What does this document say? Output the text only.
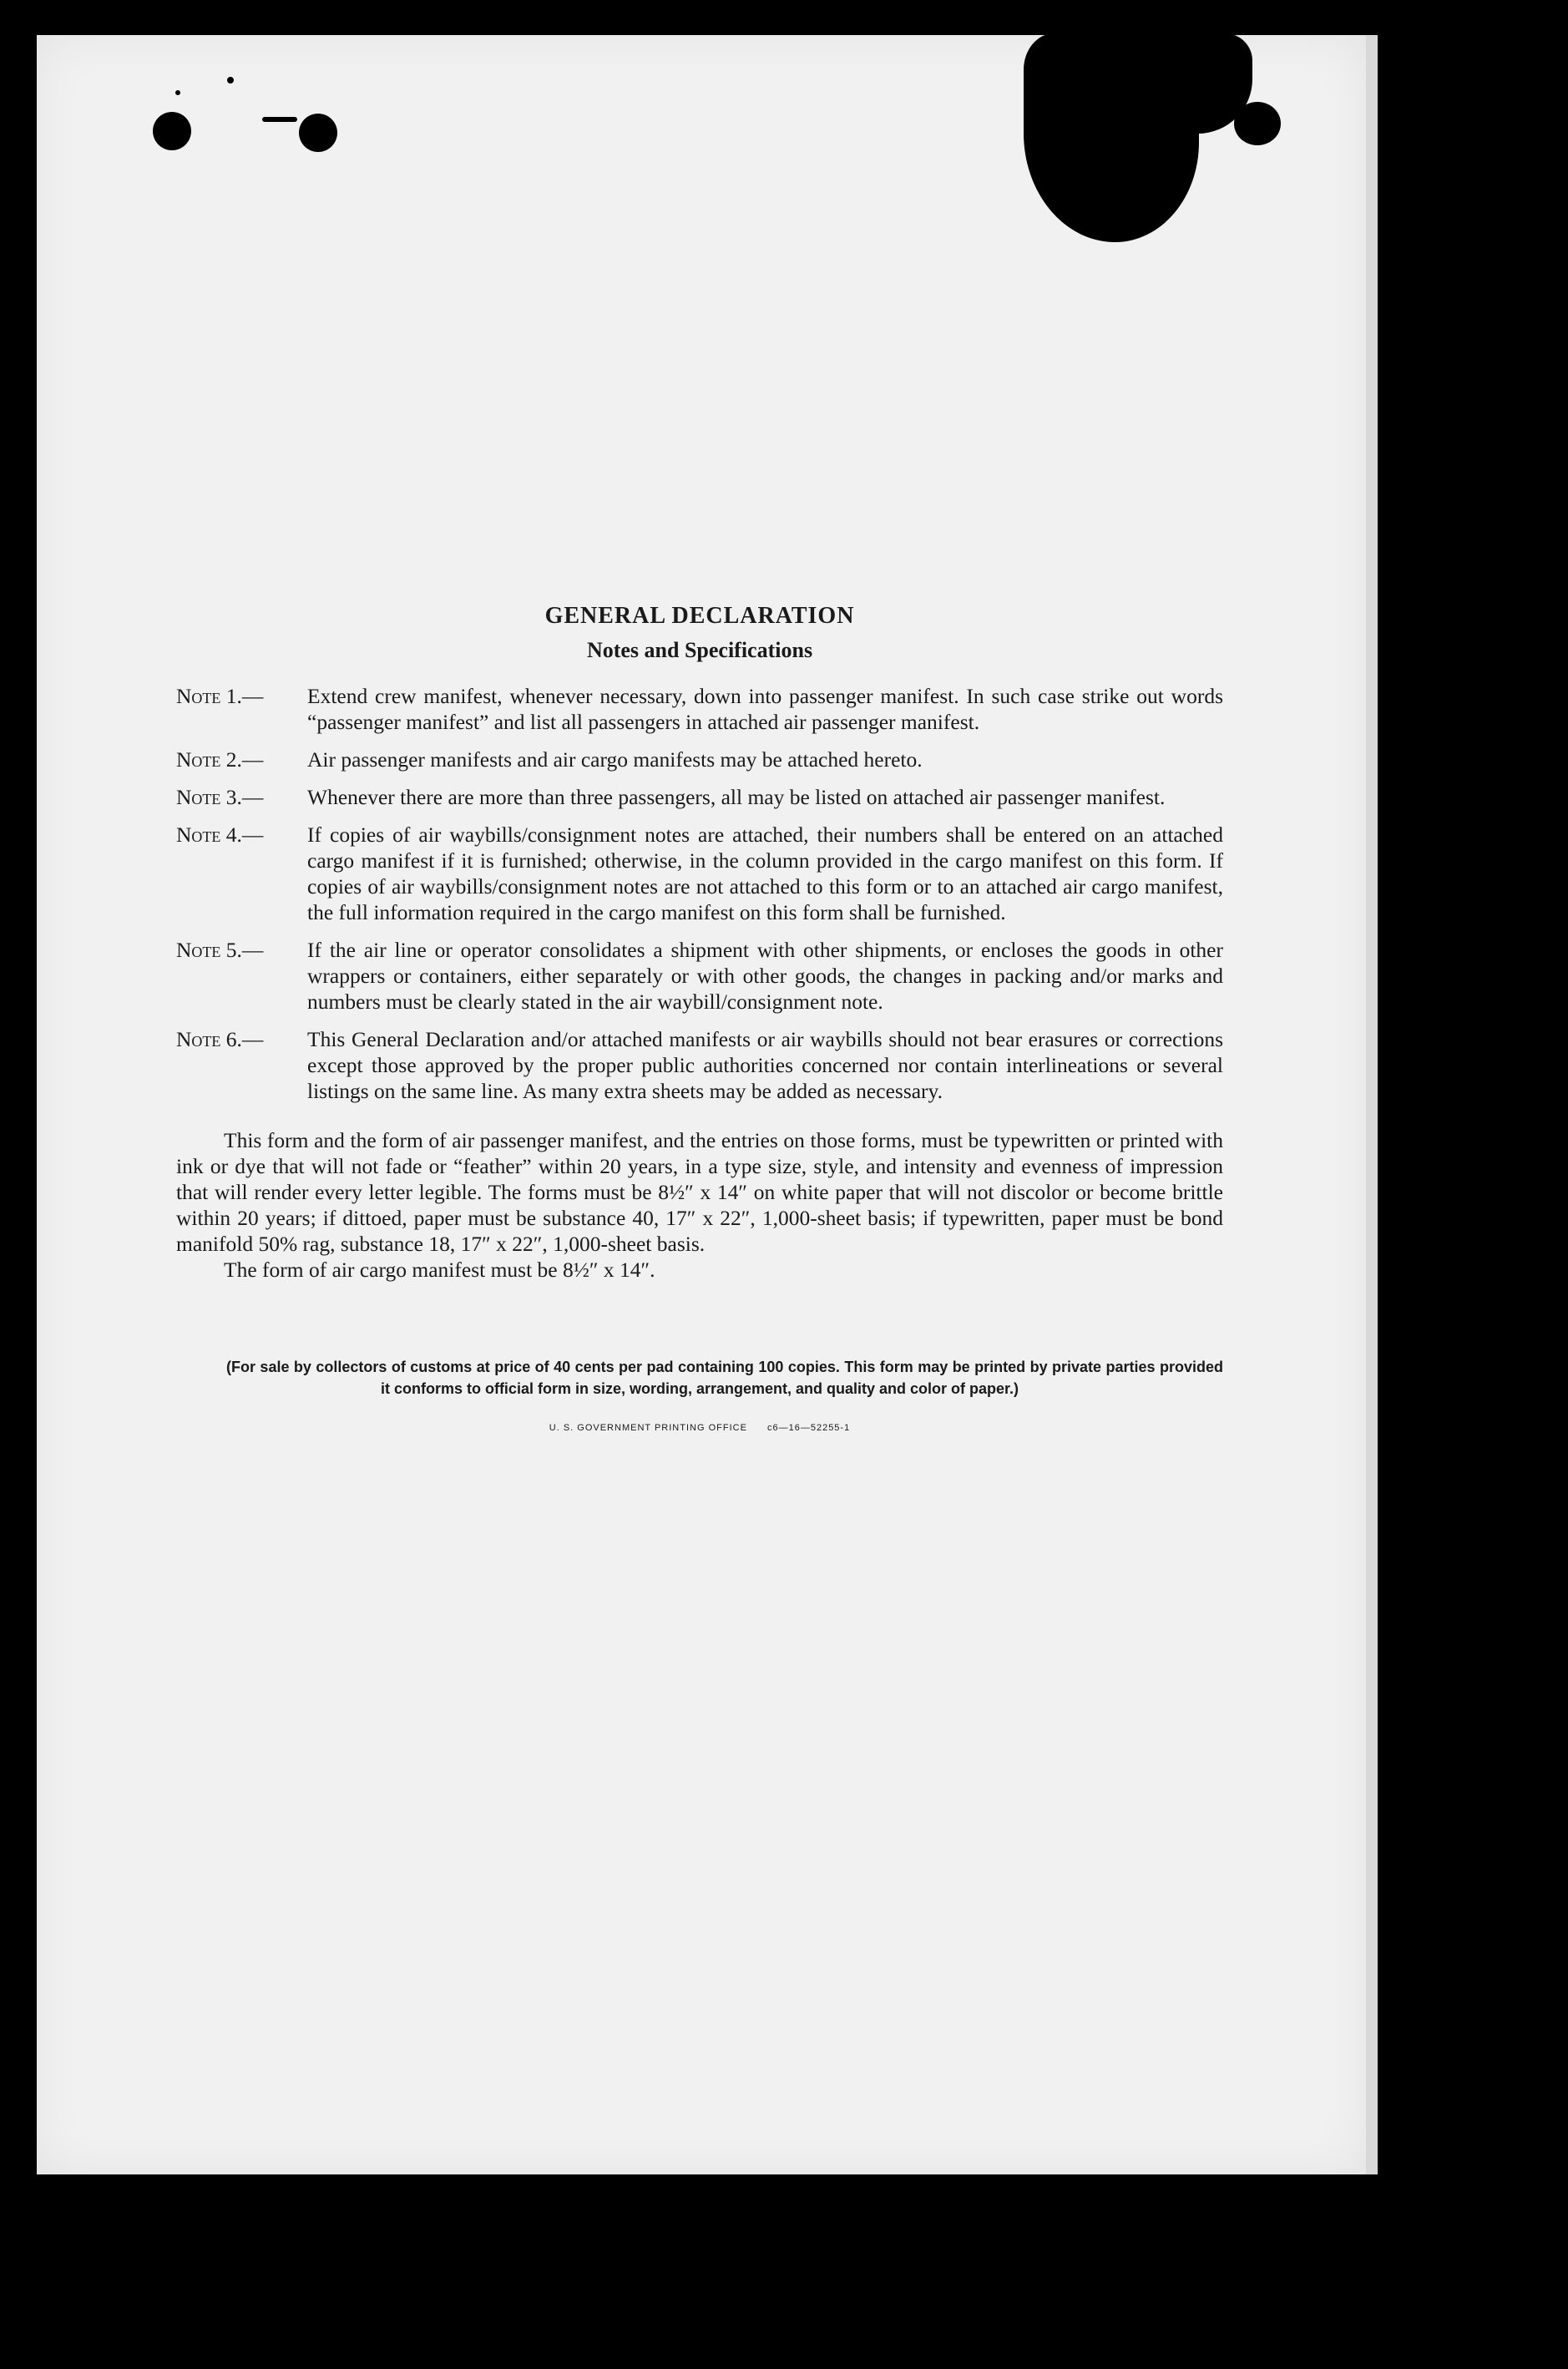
GENERAL DECLARATION

Notes and Specifications

Note 1.—	Extend crew manifest, whenever necessary, down into passenger manifest. In such case strike out words “passenger manifest” and list all passengers in attached air passenger manifest.
Note 2.—	Air passenger manifests and air cargo manifests may be attached hereto.
Note 3.—	Whenever there are more than three passengers, all may be listed on attached air passenger manifest.
Note 4.—	If copies of air waybills/consignment notes are attached, their numbers shall be entered on an attached cargo manifest if it is furnished; otherwise, in the column provided in the cargo manifest on this form. If copies of air waybills/consignment notes are not attached to this form or to an attached air cargo manifest, the full information required in the cargo manifest on this form shall be furnished.
Note 5.—	If the air line or operator consolidates a shipment with other shipments, or encloses the goods in other wrappers or containers, either separately or with other goods, the changes in packing and/or marks and numbers must be clearly stated in the air waybill/consignment note.
Note 6.—	This General Declaration and/or attached manifests or air waybills should not bear erasures or corrections except those approved by the proper public authorities concerned nor contain interlineations or several listings on the same line. As many extra sheets may be added as necessary.

This form and the form of air passenger manifest, and the entries on those forms, must be typewritten or printed with ink or dye that will not fade or “feather” within 20 years, in a type size, style, and intensity and evenness of impression that will render every letter legible. The forms must be 8½″ x 14″ on white paper that will not discolor or become brittle within 20 years; if dittoed, paper must be substance 40, 17″ x 22″, 1,000-sheet basis; if typewritten, paper must be bond manifold 50% rag, substance 18, 17″ x 22″, 1,000-sheet basis.

The form of air cargo manifest must be 8½″ x 14″.

(For sale by collectors of customs at price of 40 cents per pad containing 100 copies. This form may be printed by private parties provided it conforms to official form in size, wording, arrangement, and quality and color of paper.)

U. S. GOVERNMENT PRINTING OFFICE c6—16—52255-1
